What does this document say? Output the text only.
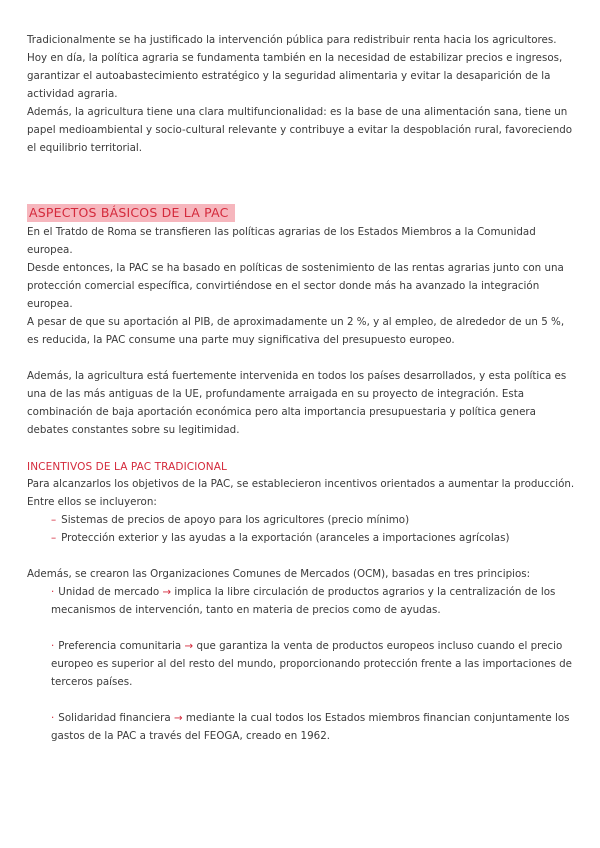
Tradicionalmente se ha justificado la intervención pública para redistribuir renta hacia los agricultores.

Hoy en día, la política agraria se fundamenta también en la necesidad de estabilizar precios e ingresos, garantizar el autoabastecimiento estratégico y la seguridad alimentaria y evitar la desaparición de la actividad agraria.

Además, la agricultura tiene una clara multifuncionalidad: es la base de una alimentación sana, tiene un papel medioambiental y socio-cultural relevante y contribuye a evitar la despoblación rural, favoreciendo el equilibrio territorial.

ASPECTOS BÁSICOS DE LA PAC

En el Tratdo de Roma se transfieren las políticas agrarias de los Estados Miembros a la Comunidad europea.

Desde entonces, la PAC se ha basado en políticas de sostenimiento de las rentas agrarias junto con una protección comercial específica, convirtiéndose en el sector donde más ha avanzado la integración europea.

A pesar de que su aportación al PIB, de aproximadamente un 2 %, y al empleo, de alrededor de un 5 %, es reducida, la PAC consume una parte muy significativa del presupuesto europeo.

Además, la agricultura está fuertemente intervenida en todos los países desarrollados, y esta política es una de las más antiguas de la UE, profundamente arraigada en su proyecto de integración. Esta combinación de baja aportación económica pero alta importancia presupuestaria y política genera debates constantes sobre su legitimidad.

INCENTIVOS DE LA PAC TRADICIONAL

Para alcanzarlos los objetivos de la PAC, se establecieron incentivos orientados a aumentar la producción. Entre ellos se incluyeron:

– Sistemas de precios de apoyo para los agricultores (precio mínimo)

– Protección exterior y las ayudas a la exportación (aranceles a importaciones agrícolas)

Además, se crearon las Organizaciones Comunes de Mercados (OCM), basadas en tres principios:

· Unidad de mercado → implica la libre circulación de productos agrarios y la centralización de los mecanismos de intervención, tanto en materia de precios como de ayudas.

· Preferencia comunitaria → que garantiza la venta de productos europeos incluso cuando el precio europeo es superior al del resto del mundo, proporcionando protección frente a las importaciones de terceros países.

· Solidaridad financiera → mediante la cual todos los Estados miembros financian conjuntamente los gastos de la PAC a través del FEOGA, creado en 1962.
